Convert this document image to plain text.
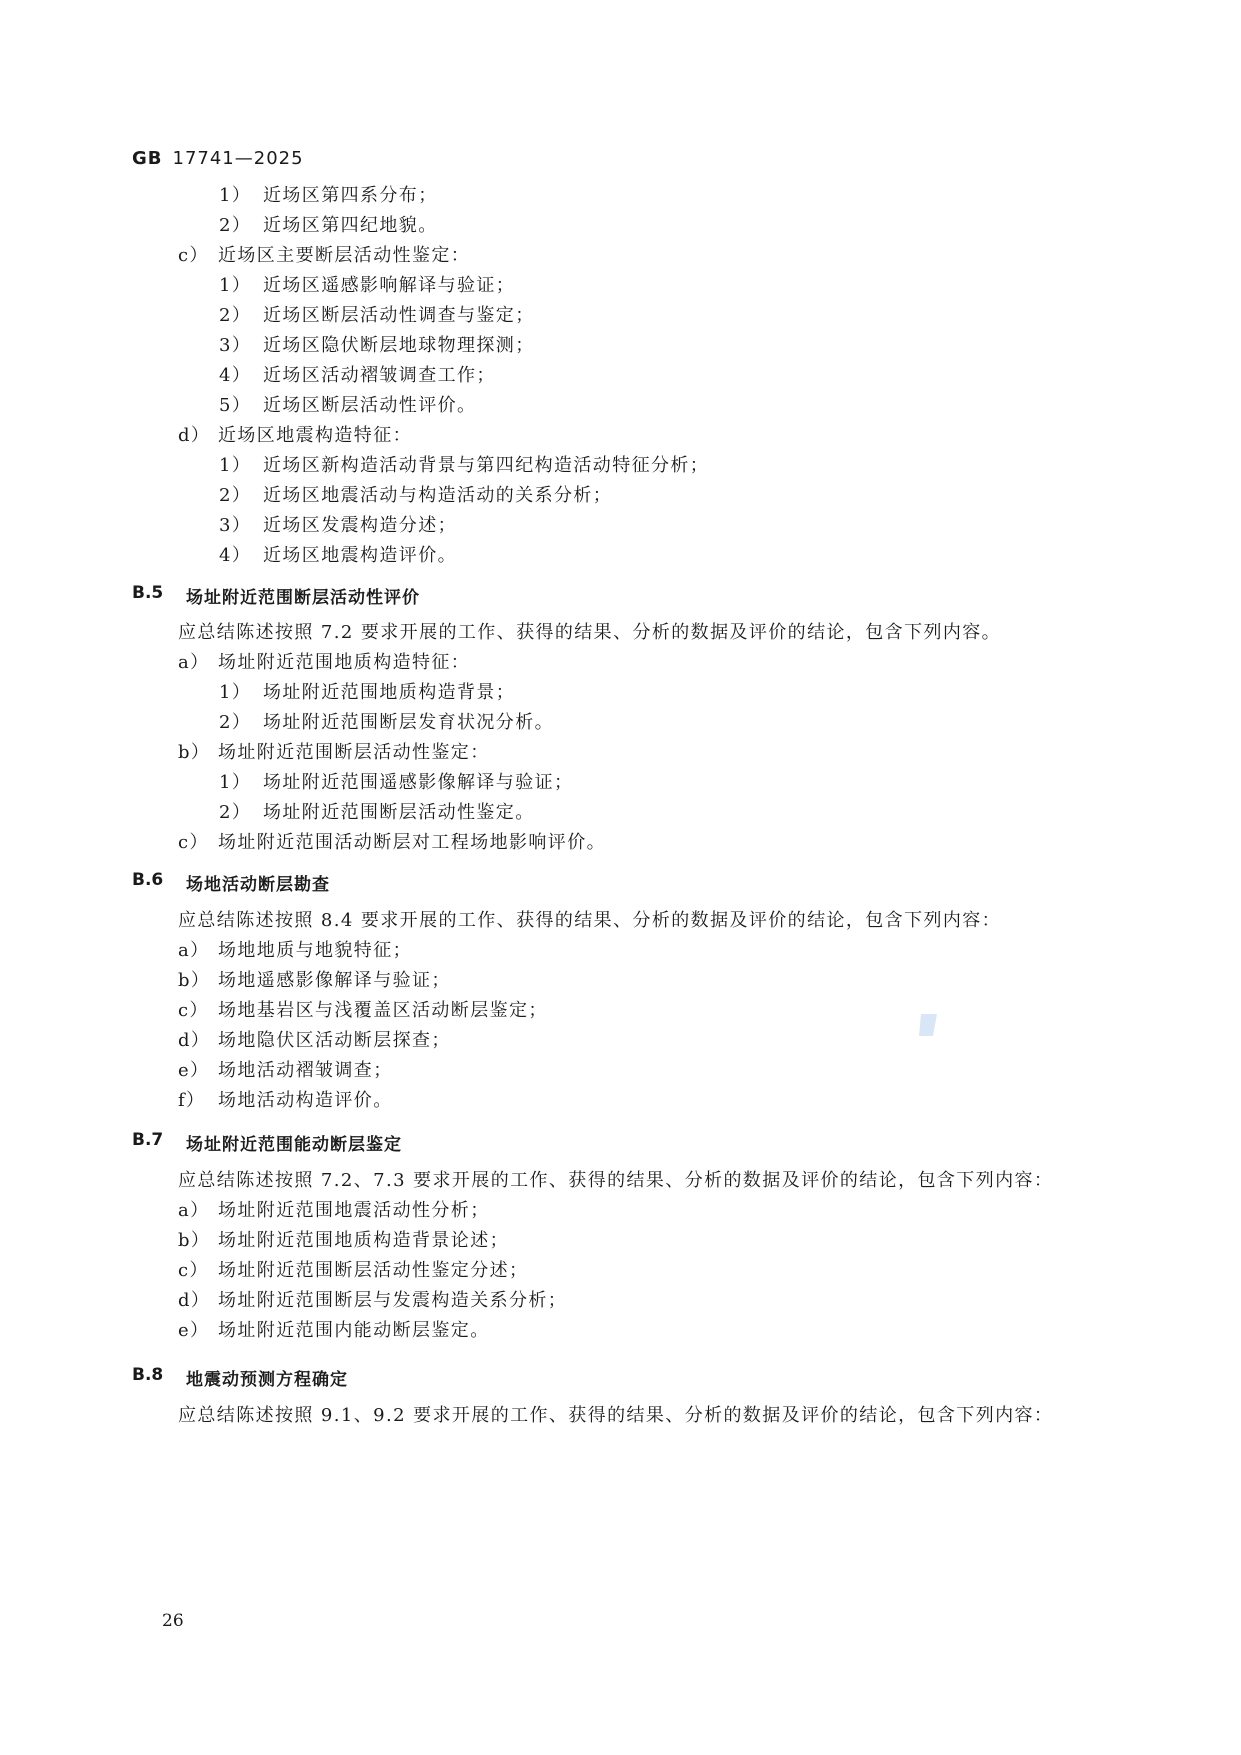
GB 17741—2025
1） 近场区第四系分布；
2） 近场区第四纪地貌。
c） 近场区主要断层活动性鉴定：
1） 近场区遥感影响解译与验证；
2） 近场区断层活动性调查与鉴定；
3） 近场区隐伏断层地球物理探测；
4） 近场区活动褶皱调查工作；
5） 近场区断层活动性评价。
d） 近场区地震构造特征：
1） 近场区新构造活动背景与第四纪构造活动特征分析；
2） 近场区地震活动与构造活动的关系分析；
3） 近场区发震构造分述；
4） 近场区地震构造评价。
B.5 场址附近范围断层活动性评价
应总结陈述按照 7.2 要求开展的工作、获得的结果、分析的数据及评价的结论，包含下列内容。
a） 场址附近范围地质构造特征：
1） 场址附近范围地质构造背景；
2） 场址附近范围断层发育状况分析。
b） 场址附近范围断层活动性鉴定：
1） 场址附近范围遥感影像解译与验证；
2） 场址附近范围断层活动性鉴定。
c） 场址附近范围活动断层对工程场地影响评价。
B.6 场地活动断层勘查
应总结陈述按照 8.4 要求开展的工作、获得的结果、分析的数据及评价的结论，包含下列内容：
a） 场地地质与地貌特征；
b） 场地遥感影像解译与验证；
c） 场地基岩区与浅覆盖区活动断层鉴定；
d） 场地隐伏区活动断层探查；
e） 场地活动褶皱调查；
f） 场地活动构造评价。
B.7 场址附近范围能动断层鉴定
应总结陈述按照 7.2、7.3 要求开展的工作、获得的结果、分析的数据及评价的结论，包含下列内容：
a） 场址附近范围地震活动性分析；
b） 场址附近范围地质构造背景论述；
c） 场址附近范围断层活动性鉴定分述；
d） 场址附近范围断层与发震构造关系分析；
e） 场址附近范围内能动断层鉴定。
B.8 地震动预测方程确定
应总结陈述按照 9.1、9.2 要求开展的工作、获得的结果、分析的数据及评价的结论，包含下列内容：
26
